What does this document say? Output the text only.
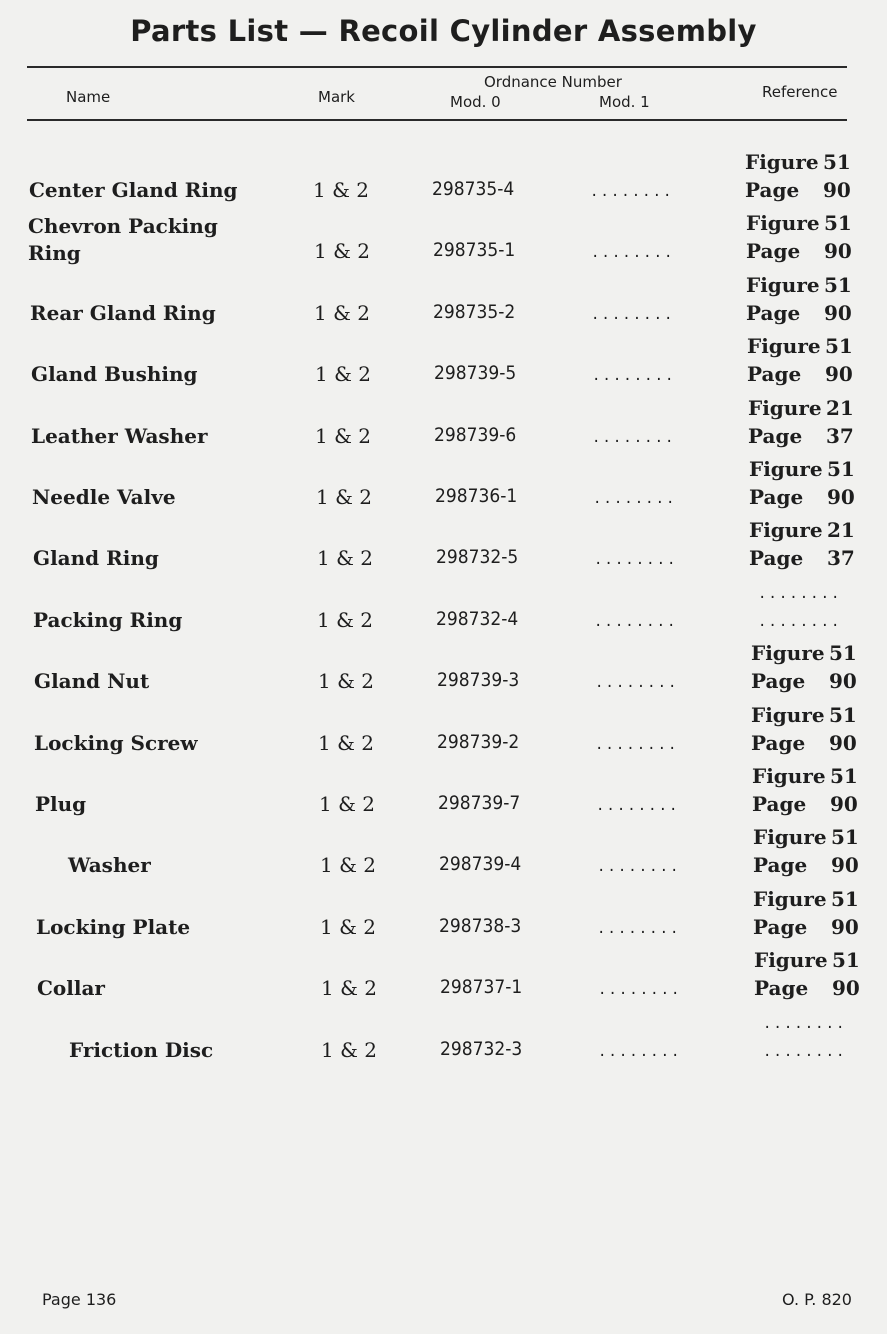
Parts List — Recoil Cylinder Assembly
Name	Mark
Ordnance Number
Mod. 0	Mod. 1
Reference
Center Gland Ring	1 & 2	298735-4	........
Figure 51
Page 90
Chevron Packing Ring	1 & 2	298735-1	........
Figure 51
Page 90
Rear Gland Ring	1 & 2	298735-2	........
Figure 51
Page 90
Gland Bushing	1 & 2	298739-5	........
Figure 51
Page 90
Leather Washer	1 & 2	298739-6	........
Figure 21
Page 37
Needle Valve	1 & 2	298736-1	........
Figure 51
Page 90
Gland Ring	1 & 2	298732-5	........
Figure 21
Page 37
Packing Ring	1 & 2	298732-4	........
........
........
Gland Nut	1 & 2	298739-3	........
Figure 51
Page 90
Locking Screw	1 & 2	298739-2	........
Figure 51
Page 90
Plug	1 & 2	298739-7	........
Figure 51
Page 90
Washer	1 & 2	298739-4	........
Figure 51
Page 90
Locking Plate	1 & 2	298738-3	........
Figure 51
Page 90
Collar	1 & 2	298737-1	........
Figure 51
Page 90
Friction Disc	1 & 2	298732-3	........
........
........
Page 136	O. P. 820
